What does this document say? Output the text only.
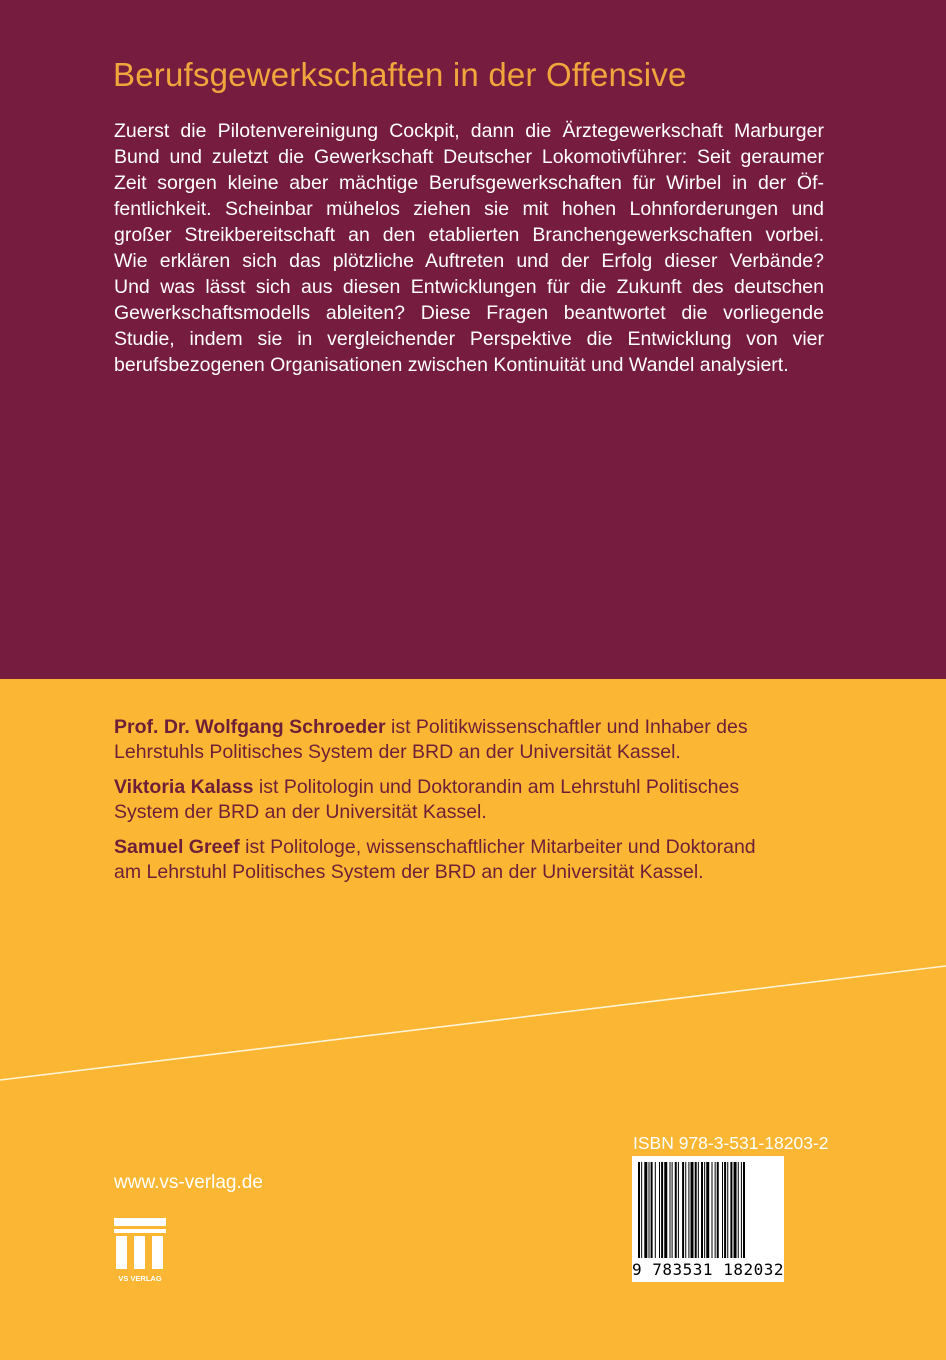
Berufsgewerkschaften in der Offensive
Zuerst die Pilotenvereinigung Cockpit, dann die Ärztegewerkschaft Marburger
Bund und zuletzt die Gewerkschaft Deutscher Lokomotivführer: Seit geraumer
Zeit sorgen kleine aber mächtige Berufsgewerkschaften für Wirbel in der Öf-
fentlichkeit. Scheinbar mühelos ziehen sie mit hohen Lohnforderungen und
großer Streikbereitschaft an den etablierten Branchengewerkschaften vorbei.
Wie erklären sich das plötzliche Auftreten und der Erfolg dieser Verbände?
Und was lässt sich aus diesen Entwicklungen für die Zukunft des deutschen
Gewerkschaftsmodells ableiten? Diese Fragen beantwortet die vorliegende
Studie, indem sie in vergleichender Perspektive die Entwicklung von vier
berufsbezogenen Organisationen zwischen Kontinuität und Wandel analysiert.

Prof. Dr. Wolfgang Schroeder ist Politikwissenschaftler und Inhaber des
Lehrstuhls Politisches System der BRD an der Universität Kassel.

Viktoria Kalass ist Politologin und Doktorandin am Lehrstuhl Politisches
System der BRD an der Universität Kassel.

Samuel Greef ist Politologe, wissenschaftlicher Mitarbeiter und Doktorand
am Lehrstuhl Politisches System der BRD an der Universität Kassel.

www.vs-verlag.de
VS VERLAG
ISBN 978-3-531-18203-2
9 783531 182032
